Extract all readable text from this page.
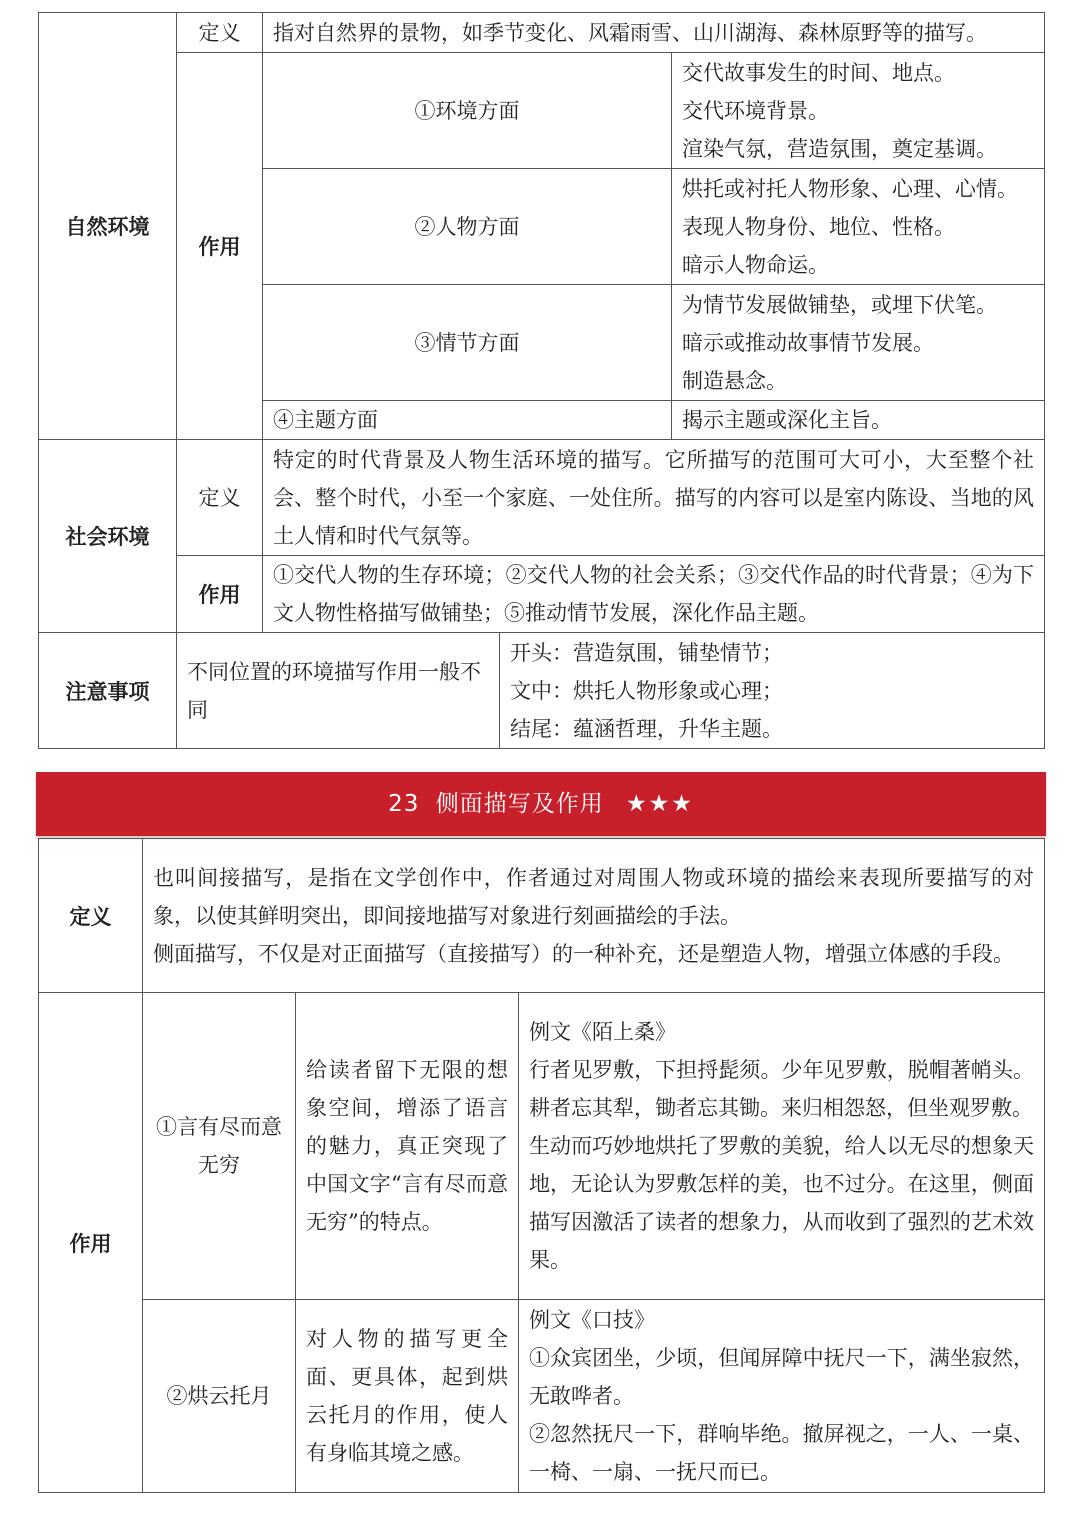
自然环境	定义	指对自然界的景物，如季节变化、风霜雨雪、山川湖海、森林原野等的描写。		
	作用	①环境方面		交代故事发生的时间、地点。
交代环境背景。
渲染气氛，营造氛围，奠定基调。

		②人物方面		烘托或衬托人物形象、心理、心情。
表现人物身份、地位、性格。
暗示人物命运。

		③情节方面		为情节发展做铺垫，或埋下伏笔。
暗示或推动故事情节发展。
制造悬念。

		④主题方面		揭示主题或深化主旨。

社会环境	定义	特定的时代背景及人物生活环境的描写。它所描写的范围可大可小，大至整个社会、整个时代，小至一个家庭、一处住所。描写的内容可以是室内陈设、当地的风土人情和时代气氛等。		
	作用	①交代人物的生存环境；②交代人物的社会关系；③交代作品的时代背景；④为下文人物性格描写做铺垫；⑤推动情节发展，深化作品主题。		
注意事项	不同位置的环境描写作用一般不同		开头：营造氛围，铺垫情节；
文中：烘托人物形象或心理；
结尾：蕴涵哲理，升华主题。	
23 侧面描写及作用 ★★★
定义	也叫间接描写，是指在文学创作中，作者通过对周围人物或环境的描绘来表现所要描写的对象，以使其鲜明突出，即间接地描写对象进行刻画描绘的手法。
侧面描写，不仅是对正面描写（直接描写）的一种补充，还是塑造人物，增强立体感的手段。		

作用	①言有尽而意无穷	给读者留下无限的想象空间，增添了语言的魅力，真正突现了中国文字“言有尽而意无穷”的特点。	例文《陌上桑》
行者见罗敷，下担捋髭须。少年见罗敷，脱帽著帩头。耕者忘其犁，锄者忘其锄。来归相怨怒，但坐观罗敷。
生动而巧妙地烘托了罗敷的美貌，给人以无尽的想象天地，无论认为罗敷怎样的美，也不过分。在这里，侧面描写因激活了读者的想象力，从而收到了强烈的艺术效果。

	②烘云托月	对人物的描写更全面、更具体，起到烘云托月的作用，使人有身临其境之感。	例文《口技》
①众宾团坐，少顷，但闻屏障中抚尺一下，满坐寂然，无敢哗者。
②忽然抚尺一下，群响毕绝。撤屏视之，一人、一桌、一椅、一扇、一抚尺而已。
